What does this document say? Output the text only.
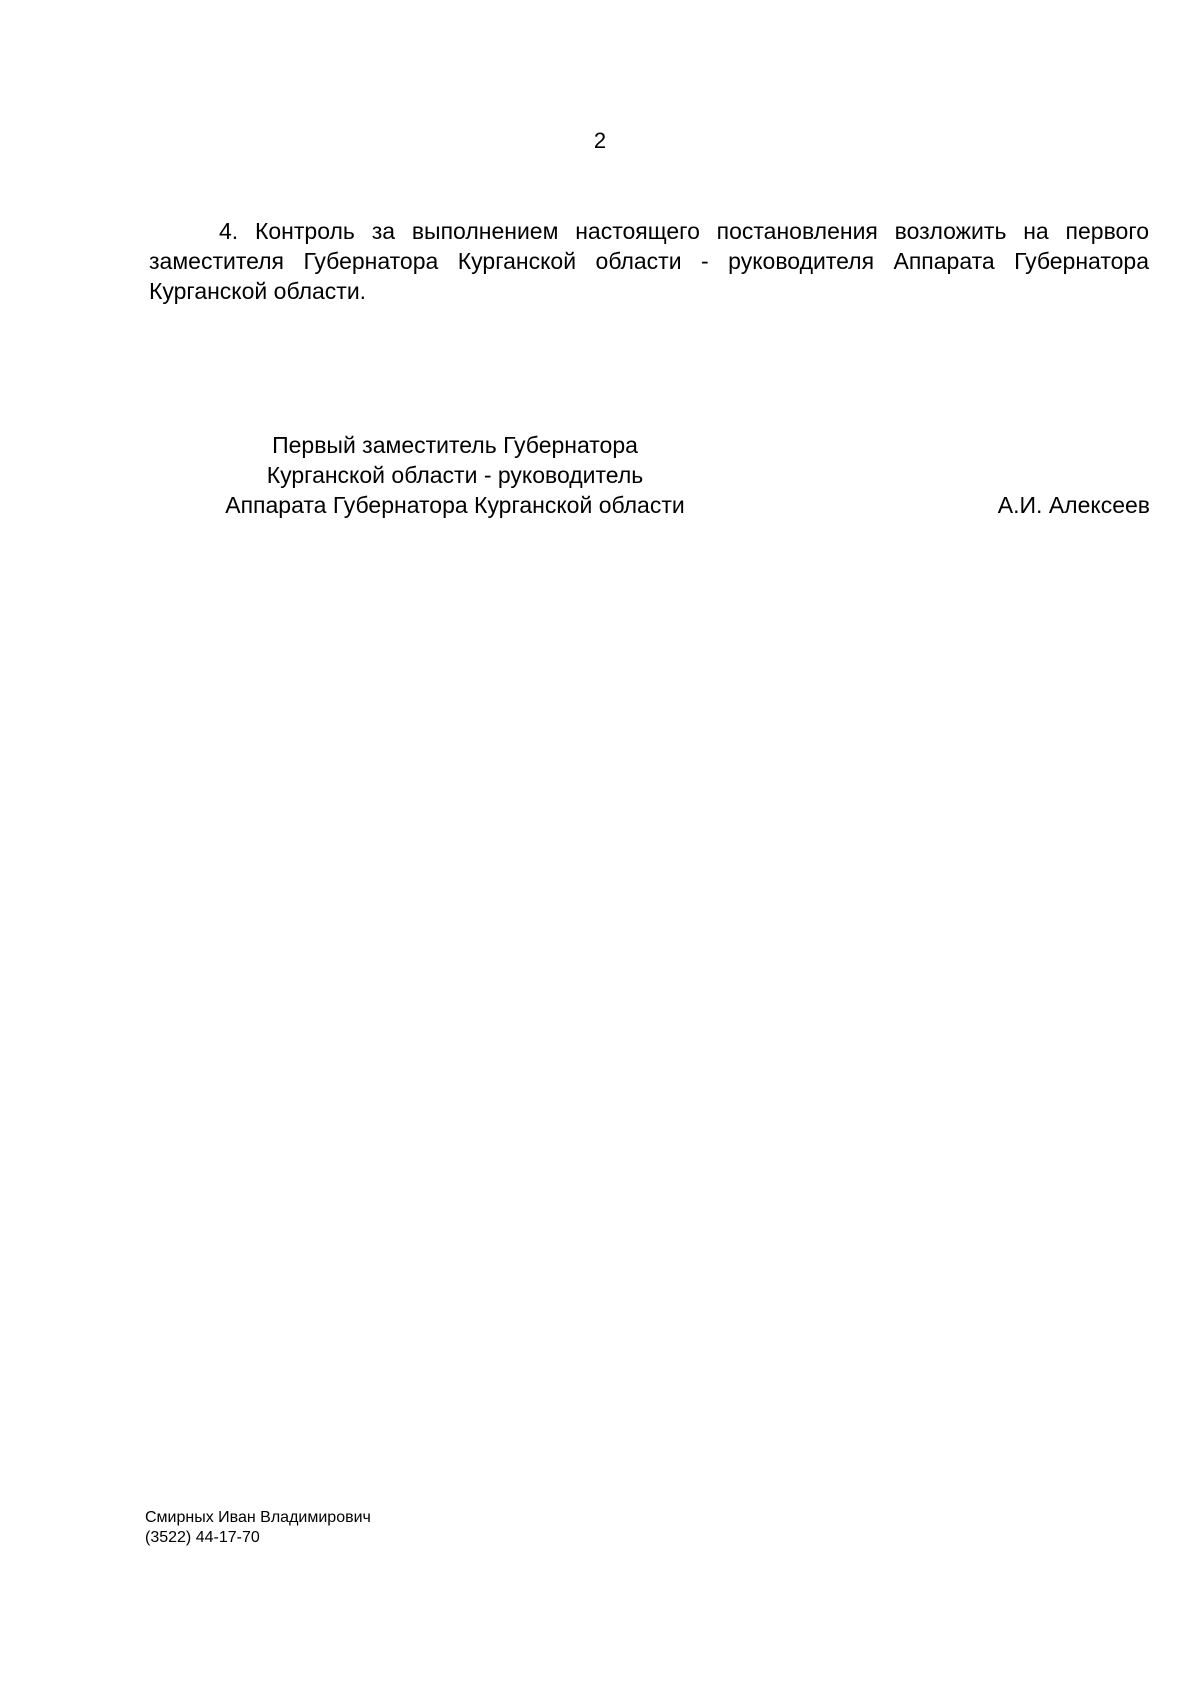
2
4. Контроль за выполнением настоящего постановления возложить на первого заместителя Губернатора Курганской области - руководителя Аппарата Губернатора Курганской области.
Первый заместитель Губернатора
Курганской области - руководитель
Аппарата Губернатора Курганской области	А.И. Алексеев
Смирных Иван Владимирович
(3522) 44-17-70
